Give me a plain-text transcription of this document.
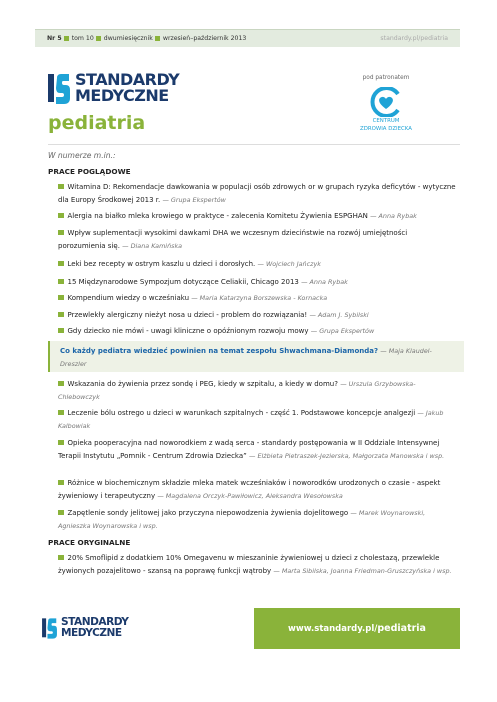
Nr 5 tom 10 dwumiesięcznik wrzesień–październik 2013	standardy.pl/pediatria
STANDARDY
MEDYCZNE
pediatria
pod patronatem
CENTRUM
ZDROWIA DZIECKA
W numerze m.in.:
PRACE POGLĄDOWE
Witamina D: Rekomendacje dawkowania w populacji osób zdrowych or w grupach ryzyka deficytów - wytyczne dla Europy Środkowej 2013 r. — Grupa Ekspertów
Alergia na białko mleka krowiego w praktyce - zalecenia Komitetu Żywienia ESPGHAN — Anna Rybak
Wpływ suplementacji wysokimi dawkami DHA we wczesnym dzieciństwie na rozwój umiejętności porozumienia się. — Diana Kamińska
Leki bez recepty w ostrym kaszlu u dzieci i dorosłych. — Wojciech Jańczyk
15 Międzynarodowe Sympozjum dotyczące Celiakii, Chicago 2013 — Anna Rybak
Kompendium wiedzy o wcześniaku — Maria Katarzyna Borszewska - Kornacka
Przewlekły alergiczny nieżyt nosa u dzieci - problem do rozwiązania! — Adam J. Sybilski
Gdy dziecko nie mówi - uwagi kliniczne o opóźnionym rozwoju mowy — Grupa Ekspertów
Co każdy pediatra wiedzieć powinien na temat zespołu Shwachmana-Diamonda? — Maja Klaudel-Dreszler
Wskazania do żywienia przez sondę i PEG, kiedy w szpitalu, a kiedy w domu? — Urszula Grzybowska-Chlebowczyk
Leczenie bólu ostrego u dzieci w warunkach szpitalnych - część 1. Podstawowe koncepcje analgezji — Jakub Kalbowiak
Opieka pooperacyjna nad noworodkiem z wadą serca - standardy postępowania w II Oddziale Intensywnej Terapii Instytutu „Pomnik - Centrum Zdrowia Dziecka” — Elżbieta Pietraszek-Jezierska, Małgorzata Manowska i wsp.
Różnice w biochemicznym składzie mleka matek wcześniaków i noworodków urodzonych o czasie - aspekt żywieniowy i terapeutyczny — Magdalena Orczyk-Pawiłowicz, Aleksandra Wesołowska
Zapętlenie sondy jelitowej jako przyczyna niepowodzenia żywienia dojelitowego — Marek Woynarowski, Agnieszka Woynarowska i wsp.
PRACE ORYGINALNE
20% Smoflipid z dodatkiem 10% Omegavenu w mieszaninie żywieniowej u dzieci z cholestazą, przewlekle żywionych pozajelitowo - szansą na poprawę funkcji wątroby — Marta Sibilska, Joanna Friedman-Gruszczyńska i wsp.
STANDARDY
MEDYCZNE	www.standardy.pl/ pediatria
